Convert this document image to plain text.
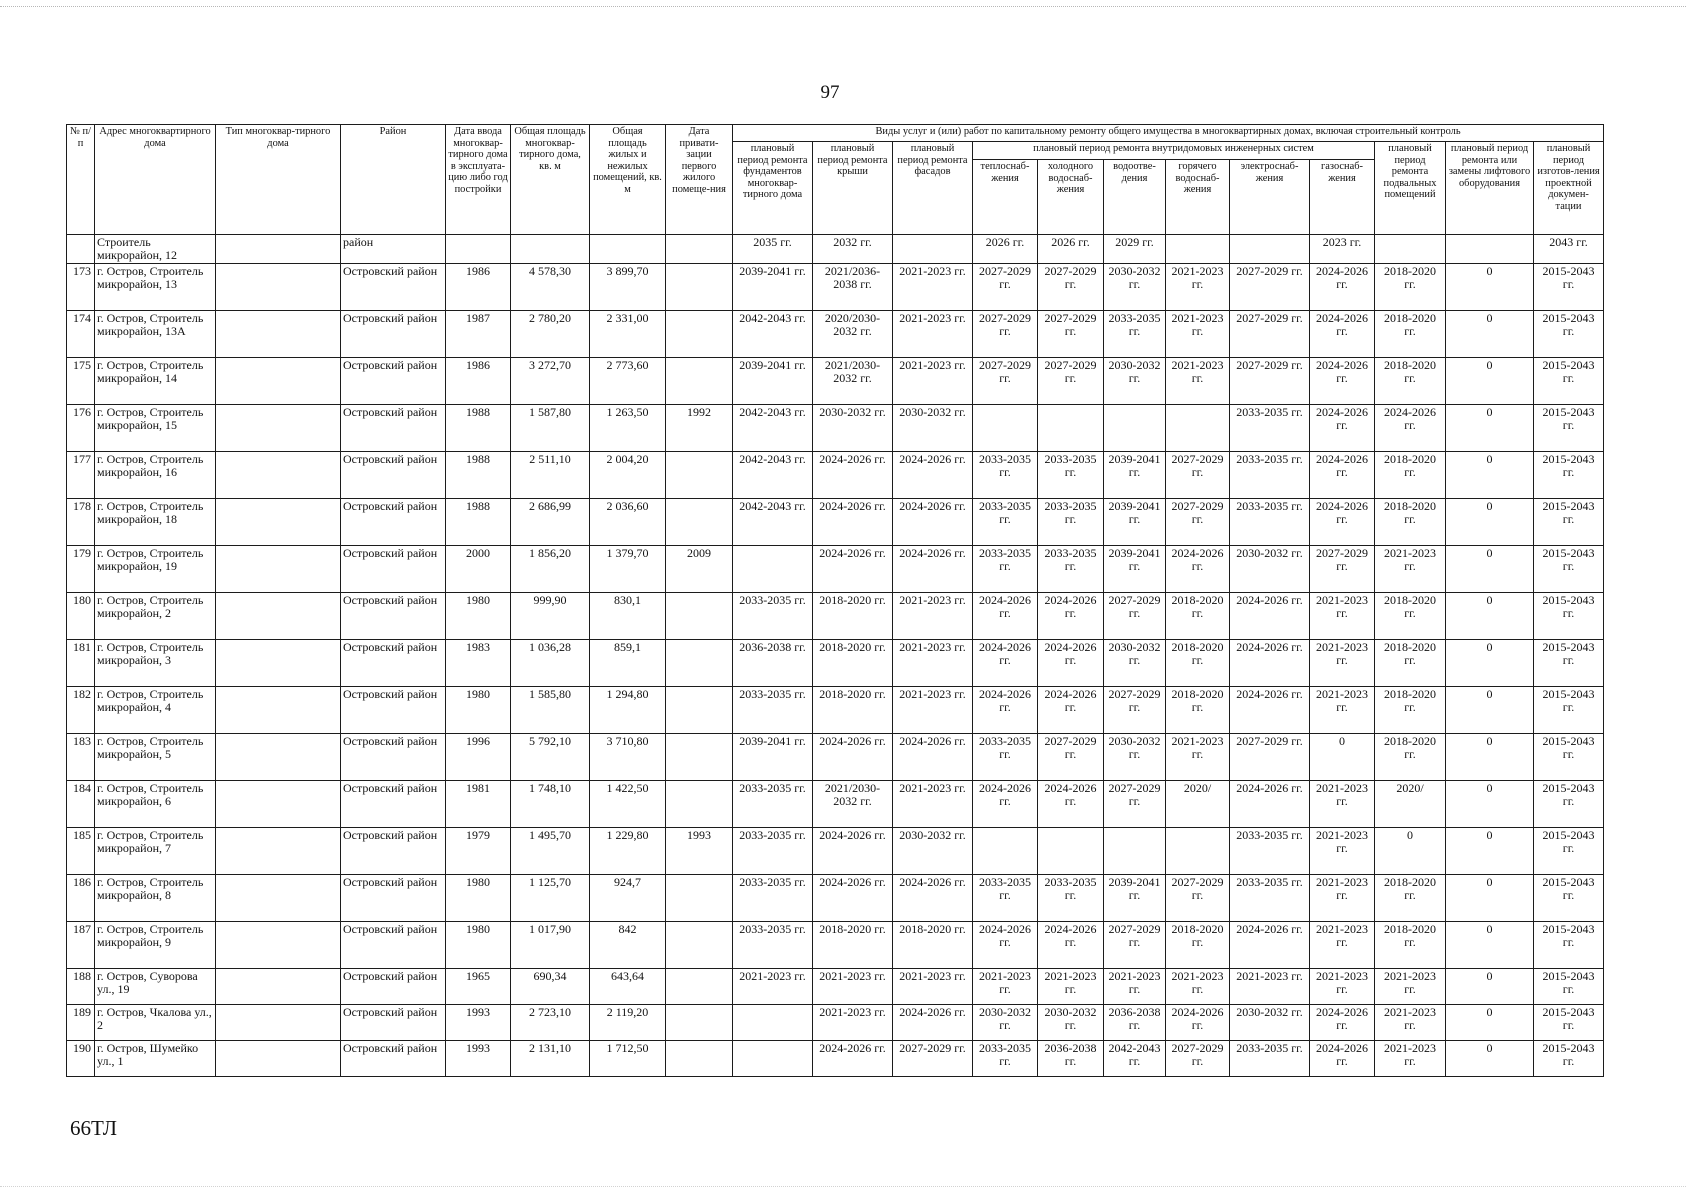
97
№ п/п	Адрес многоквартирного дома	Тип многоквар-тирного дома	Район	Дата ввода многоквар-тирного дома в эксплуата-цию либо год постройки	Общая площадь многоквар-тирного дома, кв. м	Общая площадь жилых и нежилых помещений, кв. м	Дата привати-зации первого жилого помеще-ния	Виды услуг и (или) работ по капитальному ремонту общего имущества в многоквартирных домах, включая строительный контроль											
								плановый период ремонта фундаментов многоквар-тирного дома	плановый период ремонта крыши	плановый период ремонта фасадов	плановый период ремонта внутридомовых инженерных систем						плановый период ремонта подвальных помещений	плановый период ремонта или замены лифтового оборудования	плановый период изготов-ления проектной докумен-тации
											теплоснаб-жения	холодного водоснаб-жения	водоотве-дения	горячего водоснаб-жения	электроснаб-жения	газоснаб-жения			
	Строитель микрорайон, 12		район					2035 гг.	2032 гг.		2026 гг.	2026 гг.	2029 гг.			2023 гг.			2043 гг.
173	г. Остров, Строитель микрорайон, 13		Островский район	1986	4 578,30	3 899,70		2039-2041 гг.	2021/2036-2038 гг.	2021-2023 гг.	2027-2029 гг.	2027-2029 гг.	2030-2032 гг.	2021-2023 гг.	2027-2029 гг.	2024-2026 гг.	2018-2020 гг.	0	2015-2043 гг.
174	г. Остров, Строитель микрорайон, 13А		Островский район	1987	2 780,20	2 331,00		2042-2043 гг.	2020/2030-2032 гг.	2021-2023 гг.	2027-2029 гг.	2027-2029 гг.	2033-2035 гг.	2021-2023 гг.	2027-2029 гг.	2024-2026 гг.	2018-2020 гг.	0	2015-2043 гг.
175	г. Остров, Строитель микрорайон, 14		Островский район	1986	3 272,70	2 773,60		2039-2041 гг.	2021/2030-2032 гг.	2021-2023 гг.	2027-2029 гг.	2027-2029 гг.	2030-2032 гг.	2021-2023 гг.	2027-2029 гг.	2024-2026 гг.	2018-2020 гг.	0	2015-2043 гг.
176	г. Остров, Строитель микрорайон, 15		Островский район	1988	1 587,80	1 263,50	1992	2042-2043 гг.	2030-2032 гг.	2030-2032 гг.					2033-2035 гг.	2024-2026 гг.	2024-2026 гг.	0	2015-2043 гг.
177	г. Остров, Строитель микрорайон, 16		Островский район	1988	2 511,10	2 004,20		2042-2043 гг.	2024-2026 гг.	2024-2026 гг.	2033-2035 гг.	2033-2035 гг.	2039-2041 гг.	2027-2029 гг.	2033-2035 гг.	2024-2026 гг.	2018-2020 гг.	0	2015-2043 гг.
178	г. Остров, Строитель микрорайон, 18		Островский район	1988	2 686,99	2 036,60		2042-2043 гг.	2024-2026 гг.	2024-2026 гг.	2033-2035 гг.	2033-2035 гг.	2039-2041 гг.	2027-2029 гг.	2033-2035 гг.	2024-2026 гг.	2018-2020 гг.	0	2015-2043 гг.
179	г. Остров, Строитель микрорайон, 19		Островский район	2000	1 856,20	1 379,70	2009		2024-2026 гг.	2024-2026 гг.	2033-2035 гг.	2033-2035 гг.	2039-2041 гг.	2024-2026 гг.	2030-2032 гг.	2027-2029 гг.	2021-2023 гг.	0	2015-2043 гг.
180	г. Остров, Строитель микрорайон, 2		Островский район	1980	999,90	830,1		2033-2035 гг.	2018-2020 гг.	2021-2023 гг.	2024-2026 гг.	2024-2026 гг.	2027-2029 гг.	2018-2020 гг.	2024-2026 гг.	2021-2023 гг.	2018-2020 гг.	0	2015-2043 гг.
181	г. Остров, Строитель микрорайон, 3		Островский район	1983	1 036,28	859,1		2036-2038 гг.	2018-2020 гг.	2021-2023 гг.	2024-2026 гг.	2024-2026 гг.	2030-2032 гг.	2018-2020 гг.	2024-2026 гг.	2021-2023 гг.	2018-2020 гг.	0	2015-2043 гг.
182	г. Остров, Строитель микрорайон, 4		Островский район	1980	1 585,80	1 294,80		2033-2035 гг.	2018-2020 гг.	2021-2023 гг.	2024-2026 гг.	2024-2026 гг.	2027-2029 гг.	2018-2020 гг.	2024-2026 гг.	2021-2023 гг.	2018-2020 гг.	0	2015-2043 гг.
183	г. Остров, Строитель микрорайон, 5		Островский район	1996	5 792,10	3 710,80		2039-2041 гг.	2024-2026 гг.	2024-2026 гг.	2033-2035 гг.	2027-2029 гг.	2030-2032 гг.	2021-2023 гг.	2027-2029 гг.	0	2018-2020 гг.	0	2015-2043 гг.
184	г. Остров, Строитель микрорайон, 6		Островский район	1981	1 748,10	1 422,50		2033-2035 гг.	2021/2030-2032 гг.	2021-2023 гг.	2024-2026 гг.	2024-2026 гг.	2027-2029 гг.	2020/	2024-2026 гг.	2021-2023 гг.	2020/	0	2015-2043 гг.
185	г. Остров, Строитель микрорайон, 7		Островский район	1979	1 495,70	1 229,80	1993	2033-2035 гг.	2024-2026 гг.	2030-2032 гг.					2033-2035 гг.	2021-2023 гг.	0	0	2015-2043 гг.
186	г. Остров, Строитель микрорайон, 8		Островский район	1980	1 125,70	924,7		2033-2035 гг.	2024-2026 гг.	2024-2026 гг.	2033-2035 гг.	2033-2035 гг.	2039-2041 гг.	2027-2029 гг.	2033-2035 гг.	2021-2023 гг.	2018-2020 гг.	0	2015-2043 гг.
187	г. Остров, Строитель микрорайон, 9		Островский район	1980	1 017,90	842		2033-2035 гг.	2018-2020 гг.	2018-2020 гг.	2024-2026 гг.	2024-2026 гг.	2027-2029 гг.	2018-2020 гг.	2024-2026 гг.	2021-2023 гг.	2018-2020 гг.	0	2015-2043 гг.
188	г. Остров, Суворова ул., 19		Островский район	1965	690,34	643,64		2021-2023 гг.	2021-2023 гг.	2021-2023 гг.	2021-2023 гг.	2021-2023 гг.	2021-2023 гг.	2021-2023 гг.	2021-2023 гг.	2021-2023 гг.	2021-2023 гг.	0	2015-2043 гг.
189	г. Остров, Чкалова ул., 2		Островский район	1993	2 723,10	2 119,20			2021-2023 гг.	2024-2026 гг.	2030-2032 гг.	2030-2032 гг.	2036-2038 гг.	2024-2026 гг.	2030-2032 гг.	2024-2026 гг.	2021-2023 гг.	0	2015-2043 гг.
190	г. Остров, Шумейко ул., 1		Островский район	1993	2 131,10	1 712,50			2024-2026 гг.	2027-2029 гг.	2033-2035 гг.	2036-2038 гг.	2042-2043 гг.	2027-2029 гг.	2033-2035 гг.	2024-2026 гг.	2021-2023 гг.	0	2015-2043 гг.
66ТЛ
